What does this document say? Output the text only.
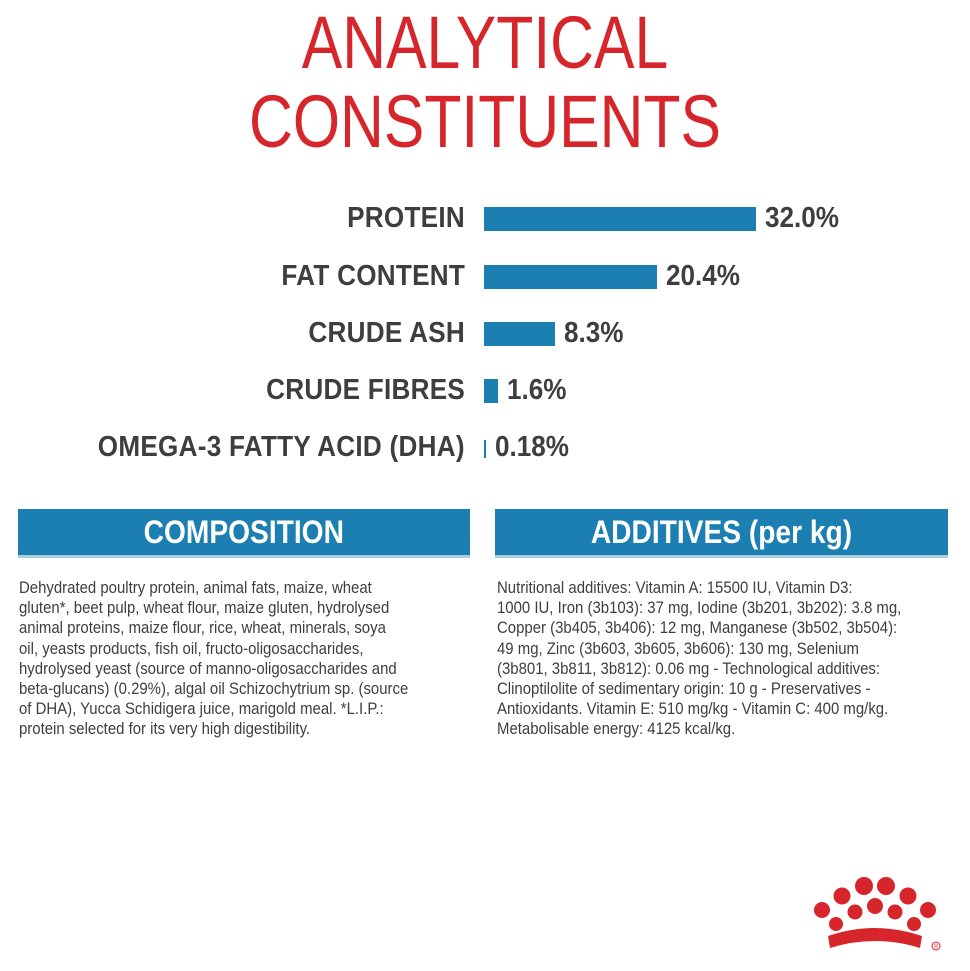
ANALYTICAL
CONSTITUENTS
PROTEIN	32.0%
FAT CONTENT	20.4%
CRUDE ASH	8.3%
CRUDE FIBRES 1.6%
OMEGA-3 FATTY ACID (DHA) 0.18%
COMPOSITION	ADDITIVES (per kg)
Dehydrated poultry protein, animal fats, maize, wheat
gluten*, beet pulp, wheat flour, maize gluten, hydrolysed
animal proteins, maize flour, rice, wheat, minerals, soya
oil, yeasts products, fish oil, fructo-oligosaccharides,
hydrolysed yeast (source of manno-oligosaccharides and
beta-glucans) (0.29%), algal oil Schizochytrium sp. (source
of DHA), Yucca Schidigera juice, marigold meal. *L.I.P.:
protein selected for its very high digestibility.
Nutritional additives: Vitamin A: 15500 IU, Vitamin D3:
1000 IU, Iron (3b103): 37 mg, Iodine (3b201, 3b202): 3.8 mg,
Copper (3b405, 3b406): 12 mg, Manganese (3b502, 3b504):
49 mg, Zinc (3b603, 3b605, 3b606): 130 mg, Selenium
(3b801, 3b811, 3b812): 0.06 mg - Technological additives:
Clinoptilolite of sedimentary origin: 10 g - Preservatives -
Antioxidants. Vitamin E: 510 mg/kg - Vitamin C: 400 mg/kg.
Metabolisable energy: 4125 kcal/kg.
®
